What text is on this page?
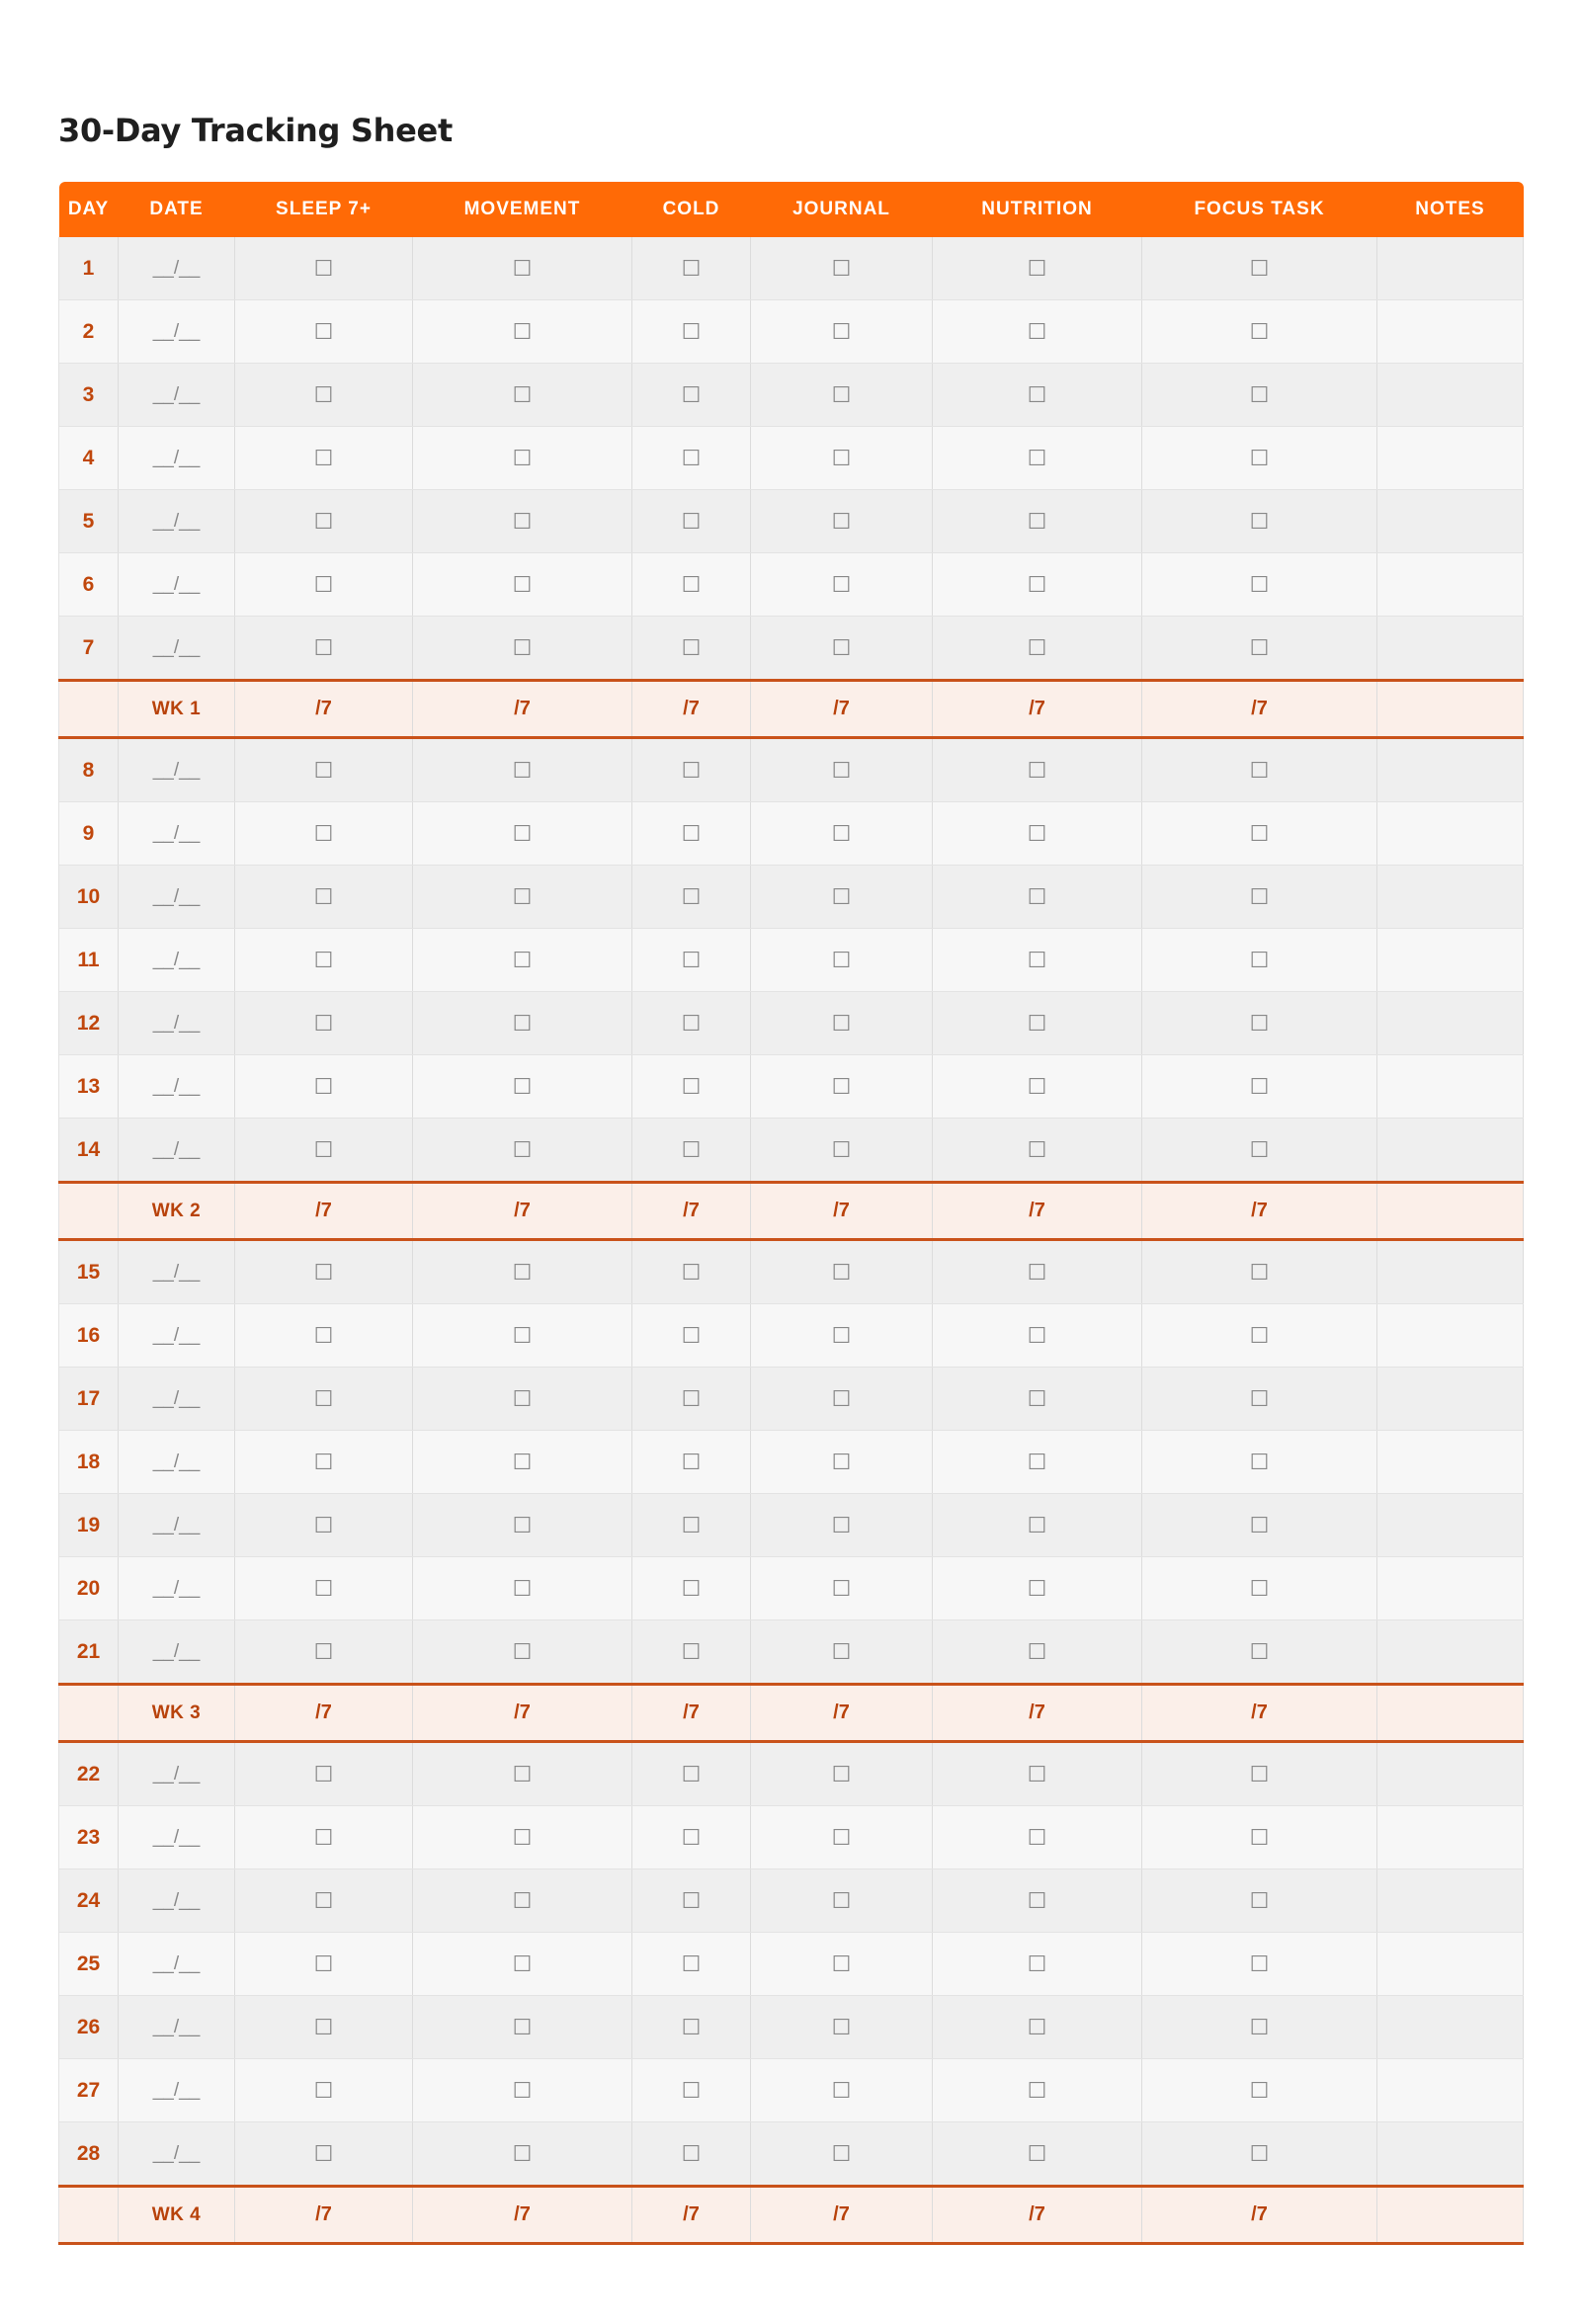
30-Day Tracking Sheet
DAY	DATE	SLEEP 7+	MOVEMENT	COLD	JOURNAL	NUTRITION	FOCUS TASK	NOTES
1	__/__	☐	☐	☐	☐	☐	☐	
2	__/__	☐	☐	☐	☐	☐	☐	
3	__/__	☐	☐	☐	☐	☐	☐	
4	__/__	☐	☐	☐	☐	☐	☐	
5	__/__	☐	☐	☐	☐	☐	☐	
6	__/__	☐	☐	☐	☐	☐	☐	
7	__/__	☐	☐	☐	☐	☐	☐	
	WK 1	/7	/7	/7	/7	/7	/7	
8	__/__	☐	☐	☐	☐	☐	☐	
9	__/__	☐	☐	☐	☐	☐	☐	
10	__/__	☐	☐	☐	☐	☐	☐	
11	__/__	☐	☐	☐	☐	☐	☐	
12	__/__	☐	☐	☐	☐	☐	☐	
13	__/__	☐	☐	☐	☐	☐	☐	
14	__/__	☐	☐	☐	☐	☐	☐	
	WK 2	/7	/7	/7	/7	/7	/7	
15	__/__	☐	☐	☐	☐	☐	☐	
16	__/__	☐	☐	☐	☐	☐	☐	
17	__/__	☐	☐	☐	☐	☐	☐	
18	__/__	☐	☐	☐	☐	☐	☐	
19	__/__	☐	☐	☐	☐	☐	☐	
20	__/__	☐	☐	☐	☐	☐	☐	
21	__/__	☐	☐	☐	☐	☐	☐	
	WK 3	/7	/7	/7	/7	/7	/7	
22	__/__	☐	☐	☐	☐	☐	☐	
23	__/__	☐	☐	☐	☐	☐	☐	
24	__/__	☐	☐	☐	☐	☐	☐	
25	__/__	☐	☐	☐	☐	☐	☐	
26	__/__	☐	☐	☐	☐	☐	☐	
27	__/__	☐	☐	☐	☐	☐	☐	
28	__/__	☐	☐	☐	☐	☐	☐	
	WK 4	/7	/7	/7	/7	/7	/7	
